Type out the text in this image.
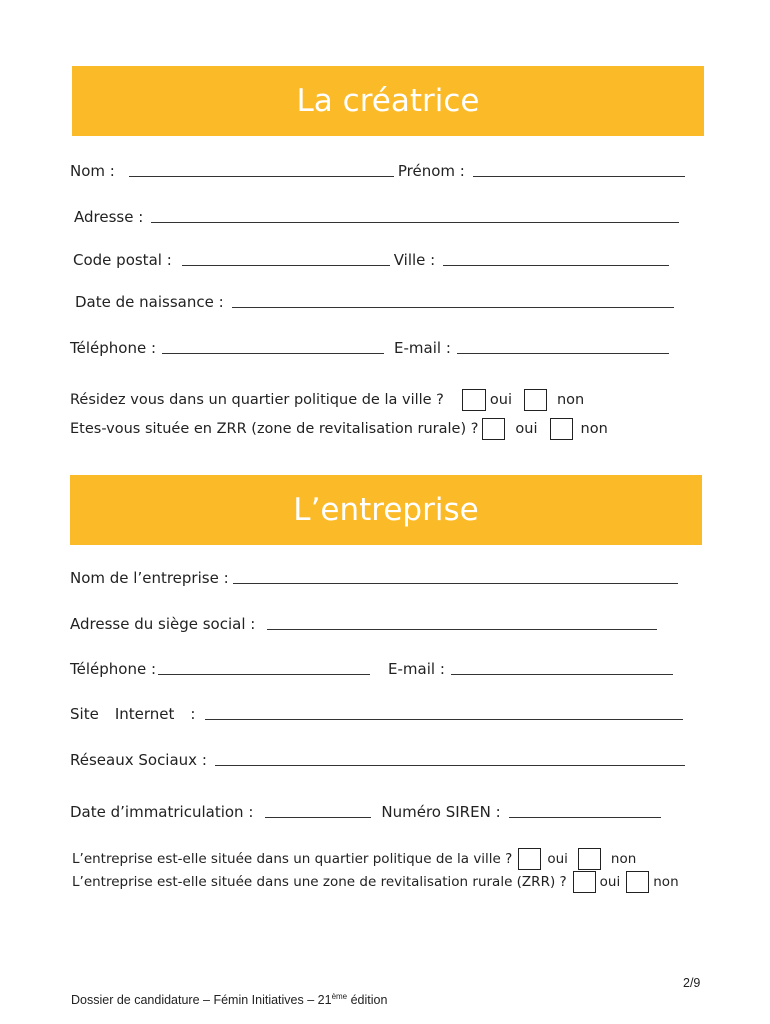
La créatrice
Nom :	Prénom :
Adresse :
Code postal :	Ville :
Date de naissance :
Téléphone :	E-mail :
Résidez vous dans un quartier politique de la ville ?	oui	non
Etes-vous située en ZRR (zone de revitalisation rurale) ?	oui	non
L’entreprise
Nom de l’entreprise :
Adresse du siège social :
Téléphone :	E-mail :
Site Internet :
Réseaux Sociaux :
Date d’immatriculation :	Numéro SIREN :
L’entreprise est-elle située dans un quartier politique de la ville ?	oui	non
L’entreprise est-elle située dans une zone de revitalisation rurale (ZRR) ? oui non
2/9
Dossier de candidature – Fémin Initiatives – 21ème édition
